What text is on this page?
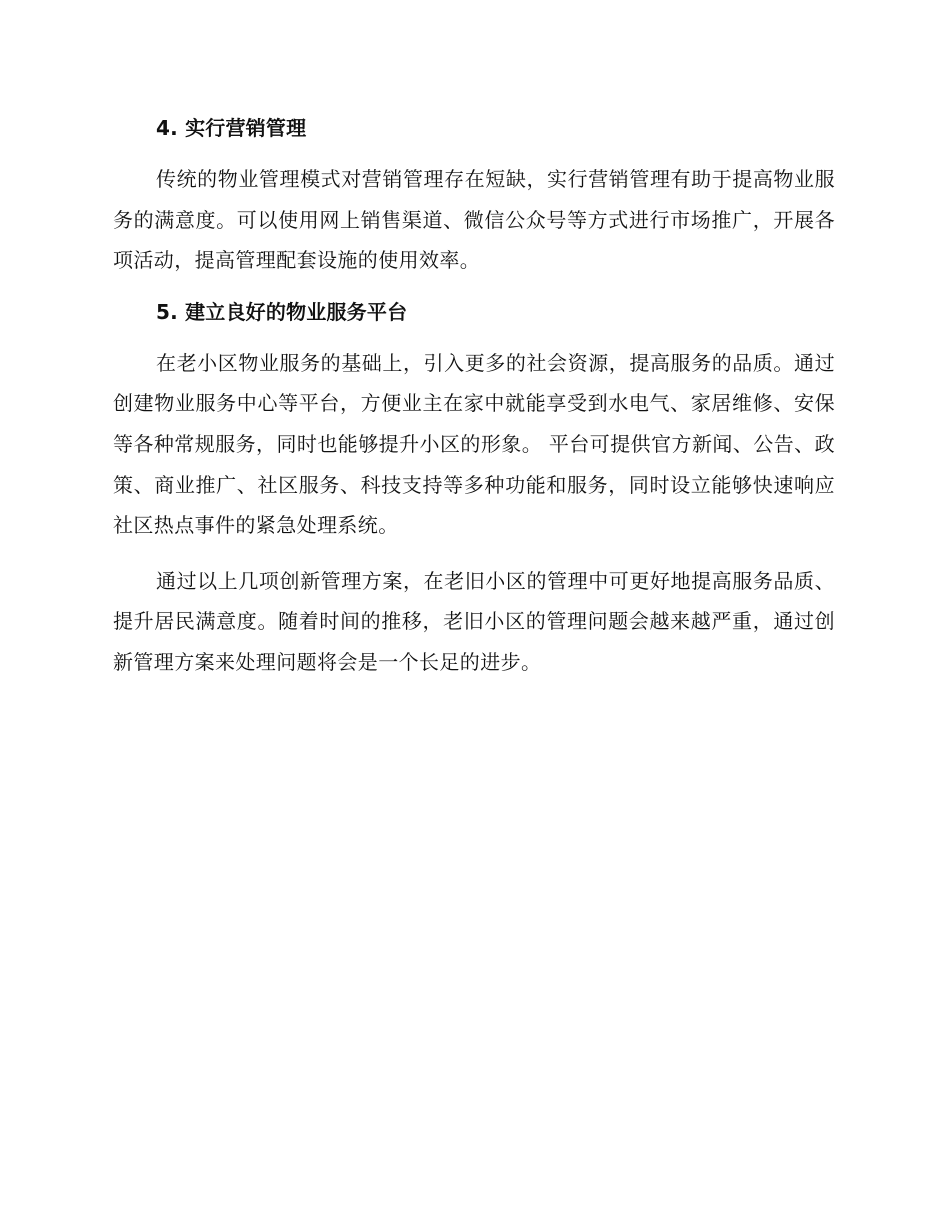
4. 实行营销管理

传统的物业管理模式对营销管理存在短缺，实行营销管理有助于提高物业服务的满意度。可以使用网上销售渠道、微信公众号等方式进行市场推广，开展各项活动，提高管理配套设施的使用效率。

5. 建立良好的物业服务平台

在老小区物业服务的基础上，引入更多的社会资源，提高服务的品质。通过创建物业服务中心等平台，方便业主在家中就能享受到水电气、家居维修、安保等各种常规服务，同时也能够提升小区的形象。 平台可提供官方新闻、公告、政策、商业推广、社区服务、科技支持等多种功能和服务，同时设立能够快速响应社区热点事件的紧急处理系统。

通过以上几项创新管理方案，在老旧小区的管理中可更好地提高服务品质、提升居民满意度。随着时间的推移，老旧小区的管理问题会越来越严重，通过创新管理方案来处理问题将会是一个长足的进步。
